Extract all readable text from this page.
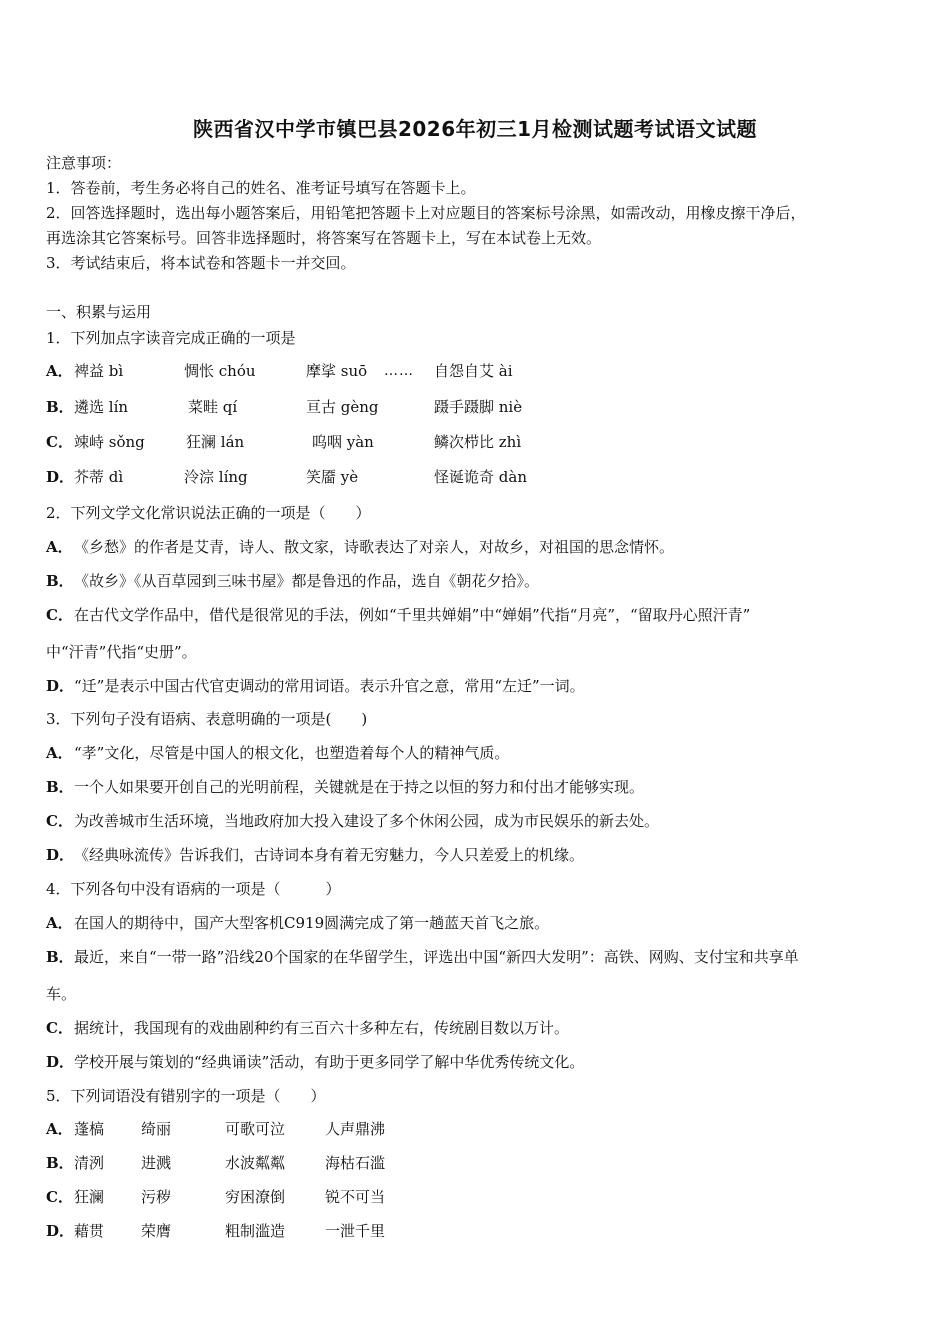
陕西省汉中学市镇巴县2026年初三1月检测试题考试语文试题
注意事项：
1．答卷前，考生务必将自己的姓名、准考证号填写在答题卡上。
2．回答选择题时，选出每小题答案后，用铅笔把答题卡上对应题目的答案标号涂黑，如需改动，用橡皮擦干净后，
再选涂其它答案标号。回答非选择题时，将答案写在答题卡上，写在本试卷上无效。
3．考试结束后，将本试卷和答题卡一并交回。
一、积累与运用
1．下列加点字读音完成正确的一项是
A． 裨益 bì	惆怅 chóu	摩挲 suō …… 自怨自艾 ài
B． 遴选 lín	菜畦 qí	亘古 gèng	蹑手蹑脚 niè
C． 竦峙 sǒng	狂澜 lán	呜咽 yàn	鳞次栉比 zhì
D． 芥蒂 dì	泠淙 líng	笑靥 yè	怪诞诡奇 dàn
2．下列文学文化常识说法正确的一项是（　　）
A．《乡愁》的作者是艾青，诗人、散文家，诗歌表达了对亲人，对故乡，对祖国的思念情怀。
B．《故乡》《从百草园到三味书屋》都是鲁迅的作品，选自《朝花夕拾》。
C．在古代文学作品中，借代是很常见的手法，例如“千里共婵娟”中“婵娟”代指“月亮”，“留取丹心照汗青”
中“汗青”代指“史册”。
D．“迁”是表示中国古代官吏调动的常用词语。表示升官之意，常用“左迁”一词。
3．下列句子没有语病、表意明确的一项是(　　)
A．“孝”文化，尽管是中国人的根文化，也塑造着每个人的精神气质。
B．一个人如果要开创自己的光明前程，关键就是在于持之以恒的努力和付出才能够实现。
C．为改善城市生活环境，当地政府加大投入建设了多个休闲公园，成为市民娱乐的新去处。
D．《经典咏流传》告诉我们，古诗词本身有着无穷魅力，今人只差爱上的机缘。
4．下列各句中没有语病的一项是（　　　）
A．在国人的期待中，国产大型客机C919圆满完成了第一趟蓝天首飞之旅。
B．最近，来自“一带一路”沿线20个国家的在华留学生，评选出中国“新四大发明”：高铁、网购、支付宝和共享单
车。
C．据统计，我国现有的戏曲剧种约有三百六十多种左右，传统剧目数以万计。
D．学校开展与策划的“经典诵读”活动，有助于更多同学了解中华优秀传统文化。
5．下列词语没有错别字的一项是（　　）
A． 蓬槁 绮丽	可歌可泣	人声鼎沸
B． 清洌 进溅	水波粼粼	海枯石滥
C． 狂澜 污秽	穷困潦倒	锐不可当
D． 藉贯 荣膺	粗制滥造	一泄千里
